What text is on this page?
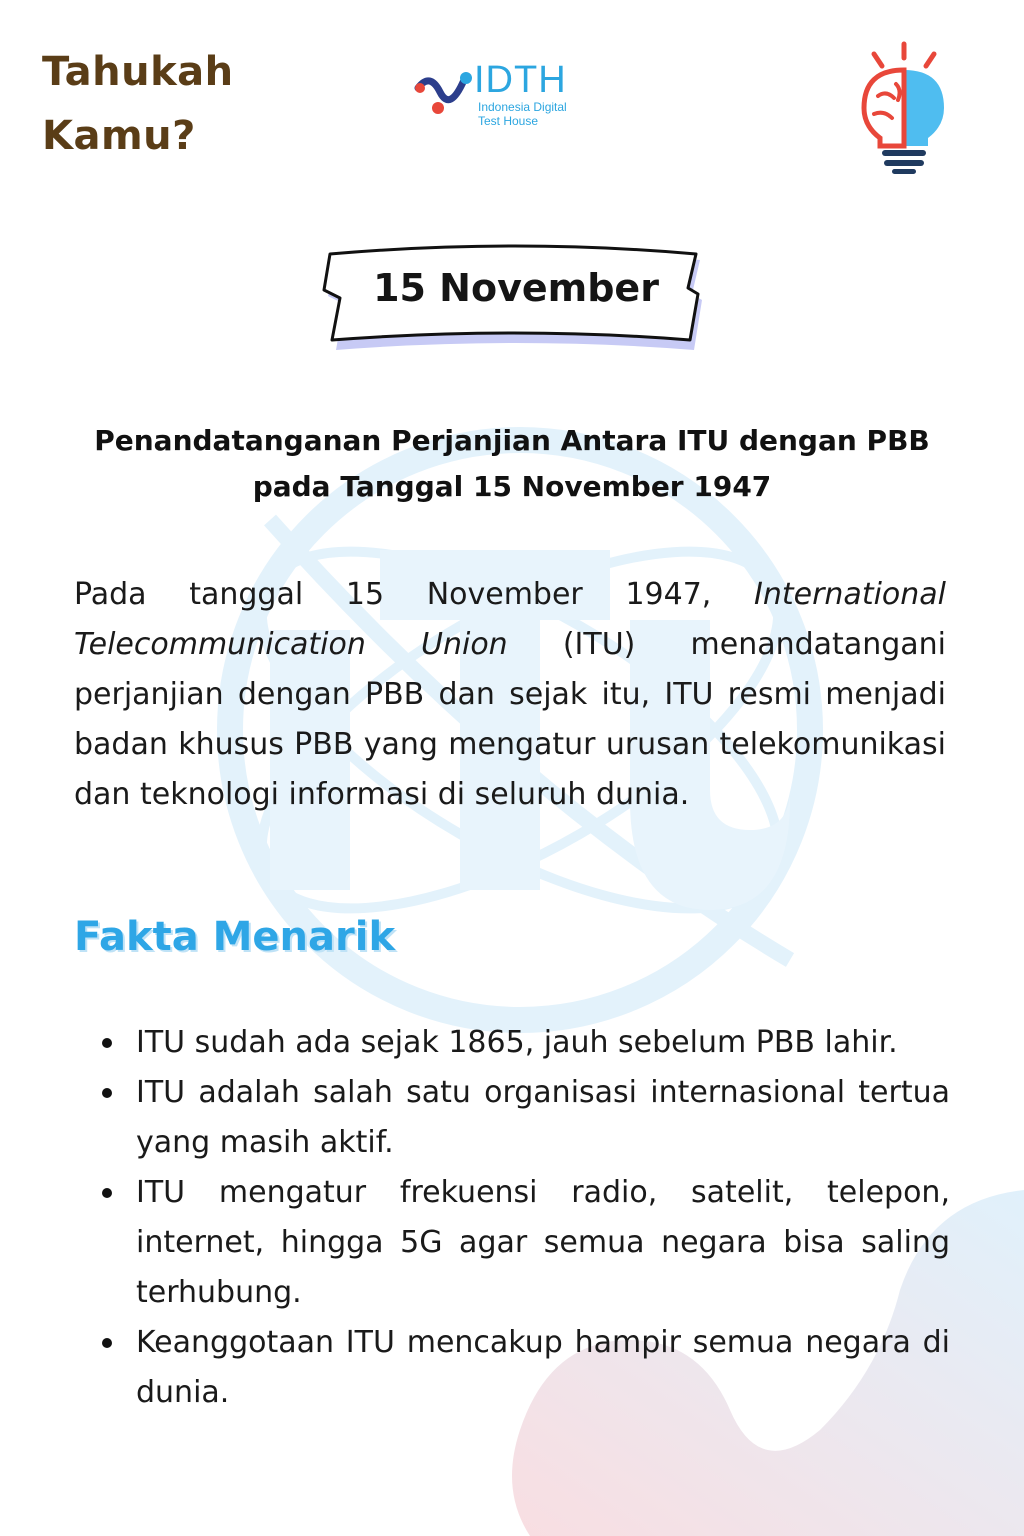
Tahukah
Kamu?
IDTH
Indonesia Digital
Test House
15 November
Penandatanganan Perjanjian Antara ITU dengan PBB
pada Tanggal 15 November 1947

Pada tanggal 15 November 1947, International Telecommunication Union (ITU) menandatangani perjanjian dengan PBB dan sejak itu, ITU resmi menjadi badan khusus PBB yang mengatur urusan telekomunikasi dan teknologi informasi di seluruh dunia.

Fakta Menarik
ITU sudah ada sejak 1865, jauh sebelum PBB lahir.
ITU adalah salah satu organisasi internasional tertua yang masih aktif.
ITU mengatur frekuensi radio, satelit, telepon, internet, hingga 5G agar semua negara bisa saling terhubung.
Keanggotaan ITU mencakup hampir semua negara di dunia.
